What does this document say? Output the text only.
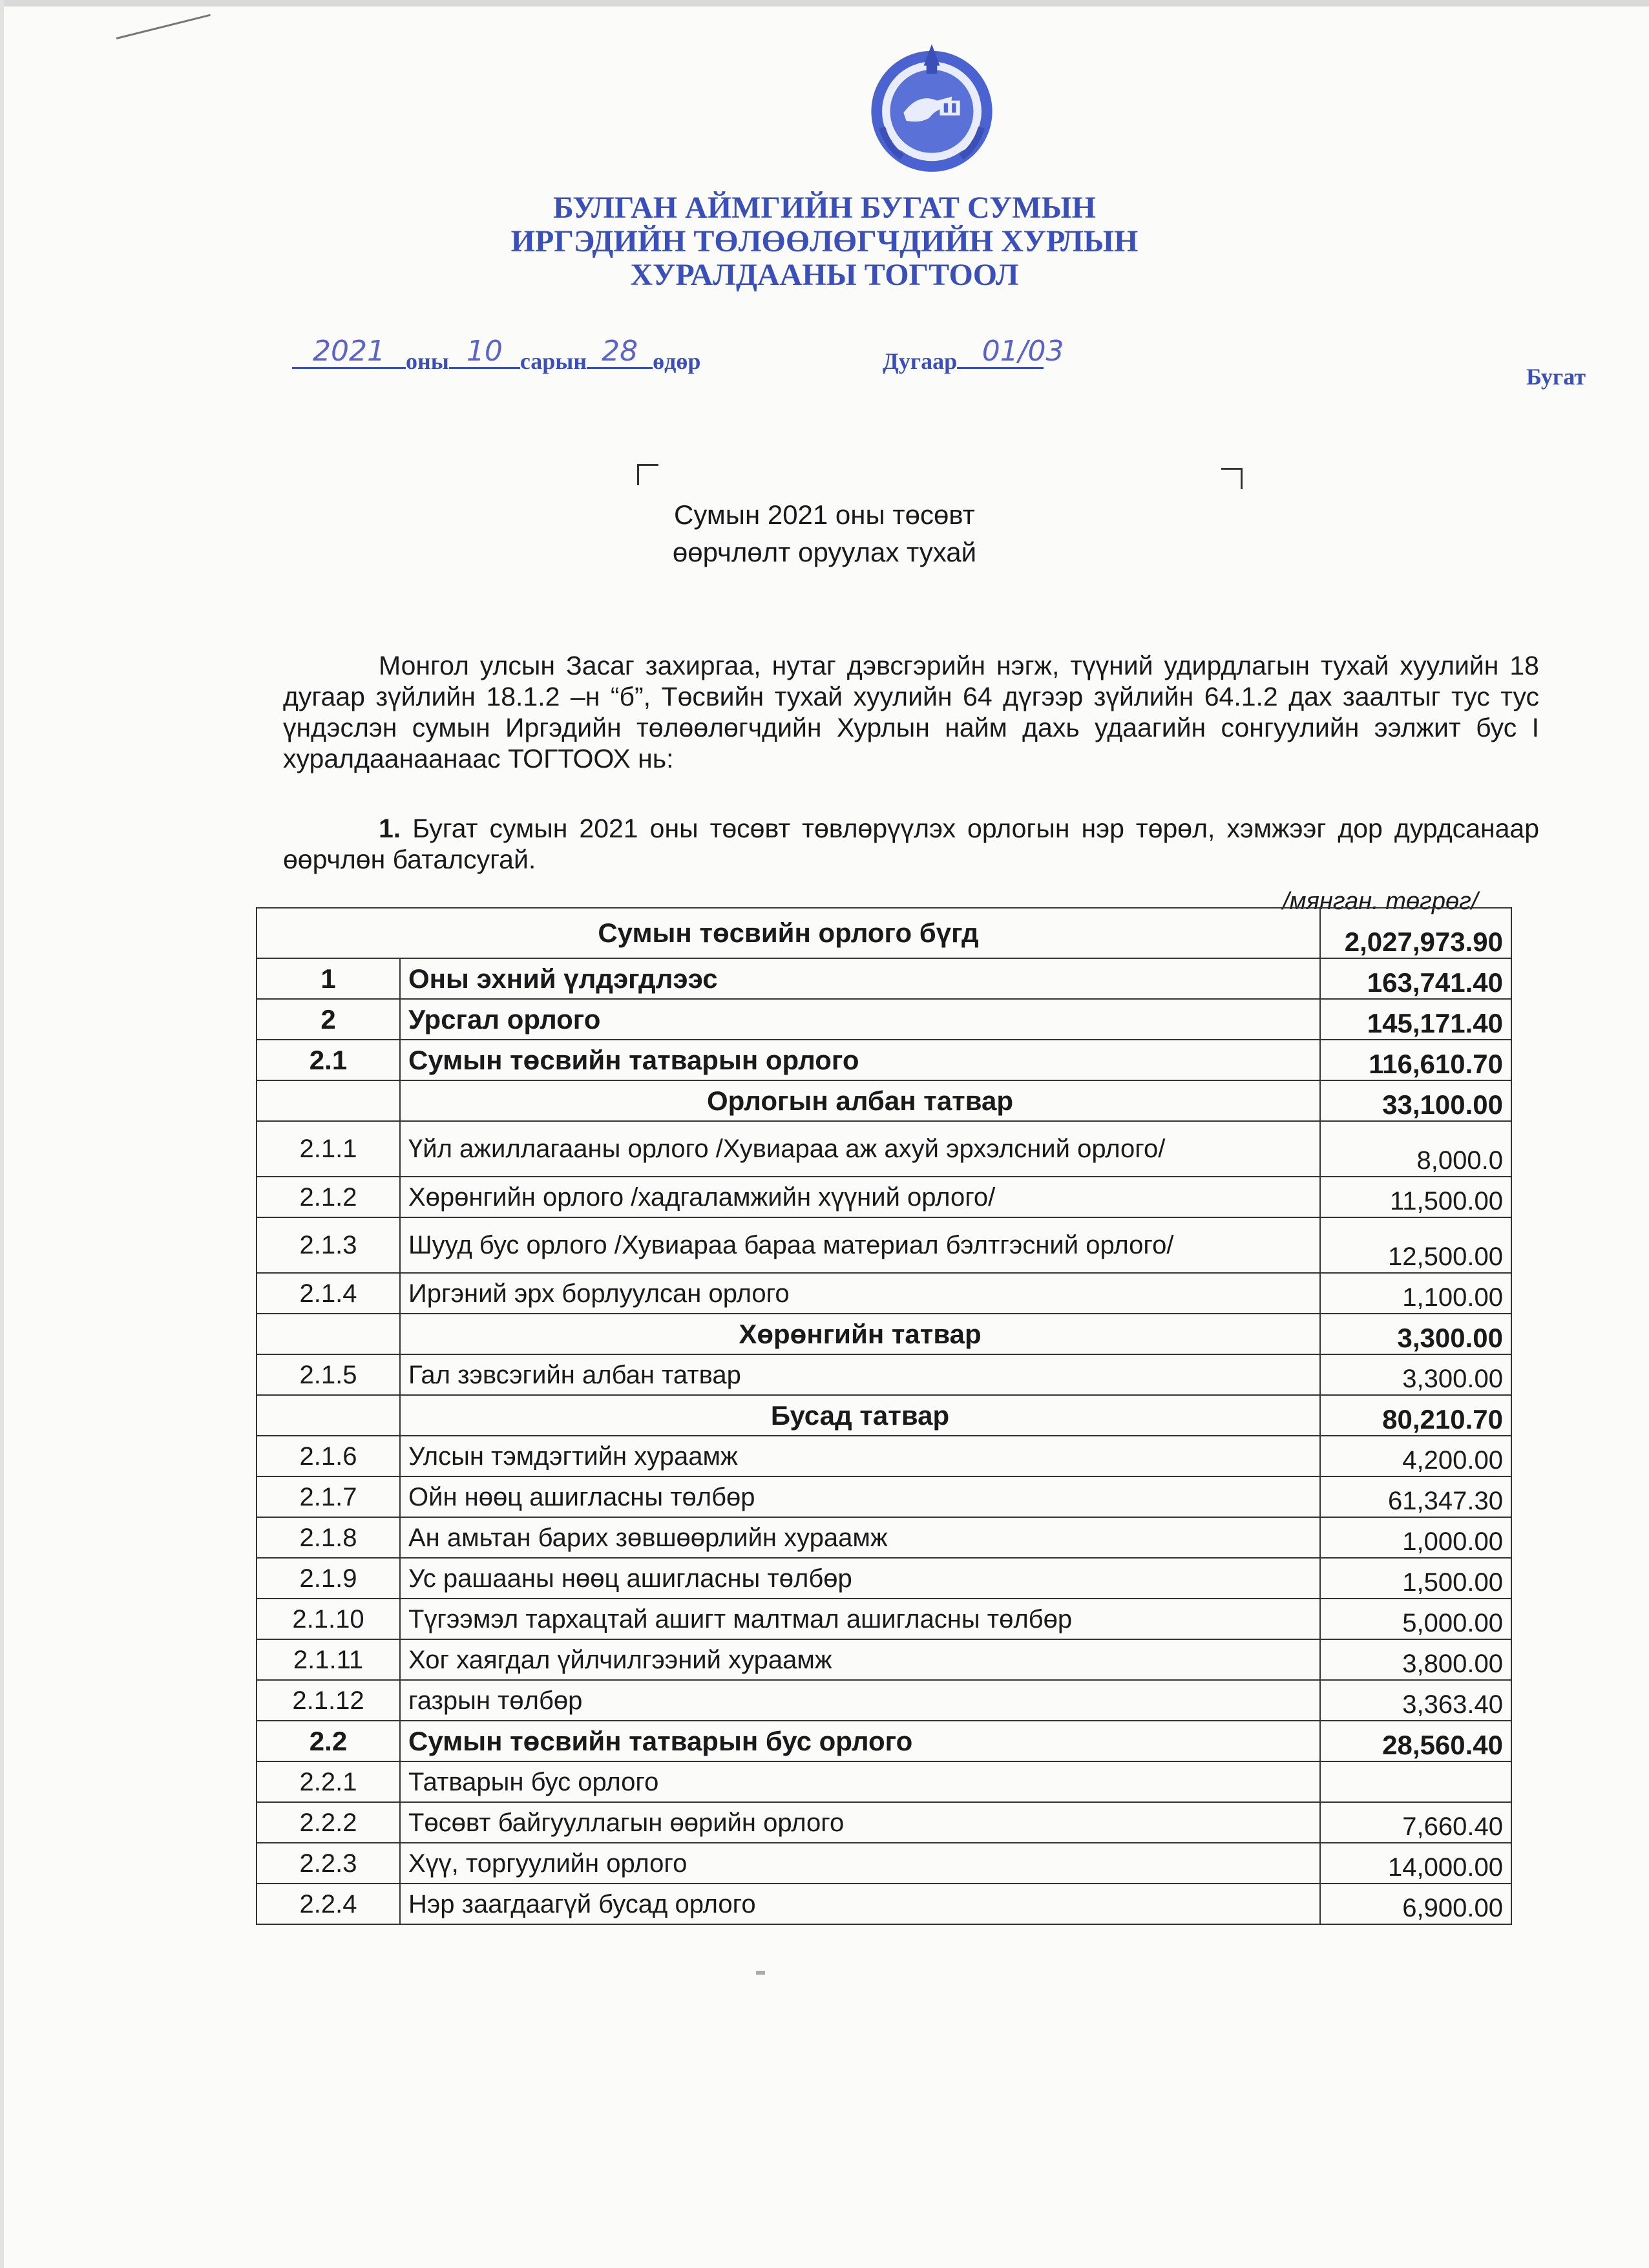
БУЛГАН АЙМГИЙН БУГАТ СУМЫН
ИРГЭДИЙН ТӨЛӨӨЛӨГЧДИЙН ХУРЛЫН
ХУРАЛДААНЫ ТОГТООЛ
2021 оны 10 сарын 28 өдөр	Дугаар 01/03
Бугат
Сумын 2021 оны төсөвт
өөрчлөлт оруулах тухай
Монгол улсын Засаг захиргаа, нутаг дэвсгэрийн нэгж, түүний удирдлагын тухай хуулийн 18 дугаар зүйлийн 18.1.2 –н “б”, Төсвийн тухай хуулийн 64 дүгээр зүйлийн 64.1.2 дах заалтыг тус тус үндэслэн сумын Иргэдийн төлөөлөгчдийн Хурлын найм дахь удаагийн сонгуулийн ээлжит бус I хуралдаанаанаас ТОГТООХ нь:
1. Бугат сумын 2021 оны төсөвт төвлөрүүлэх орлогын нэр төрөл, хэмжээг дор дурдсанаар өөрчлөн баталсугай.
/мянган. төгрөг/
Сумын төсвийн орлого бүгд		2,027,973.90
1	Оны эхний үлдэгдлээс	163,741.40
2	Урсгал орлого	145,171.40
2.1	Сумын төсвийн татварын орлого	116,610.70
	Орлогын албан татвар	33,100.00
2.1.1	Үйл ажиллагааны орлого /Хувиараа аж ахуй эрхэлсний орлого/	8,000.0
2.1.2	Хөрөнгийн орлого /хадгаламжийн хүүний орлого/	11,500.00
2.1.3	Шууд бус орлого /Хувиараа бараа материал бэлтгэсний орлого/	12,500.00
2.1.4	Иргэний эрх борлуулсан орлого	1,100.00
	Хөрөнгийн татвар	3,300.00
2.1.5	Гал зэвсэгийн албан татвар	3,300.00
	Бусад татвар	80,210.70
2.1.6	Улсын тэмдэгтийн хураамж	4,200.00
2.1.7	Ойн нөөц ашигласны төлбөр	61,347.30
2.1.8	Ан амьтан барих зөвшөөрлийн хураамж	1,000.00
2.1.9	Ус рашааны нөөц ашигласны төлбөр	1,500.00
2.1.10	Түгээмэл тархацтай ашигт малтмал ашигласны төлбөр	5,000.00
2.1.11	Хог хаягдал үйлчилгээний хураамж	3,800.00
2.1.12	газрын төлбөр	3,363.40
2.2	Сумын төсвийн татварын бус орлого	28,560.40
2.2.1	Татварын бус орлого	
2.2.2	Төсөвт байгууллагын өөрийн орлого	7,660.40
2.2.3	Хүү, торгуулийн орлого	14,000.00
2.2.4	Нэр заагдаагүй бусад орлого	6,900.00
